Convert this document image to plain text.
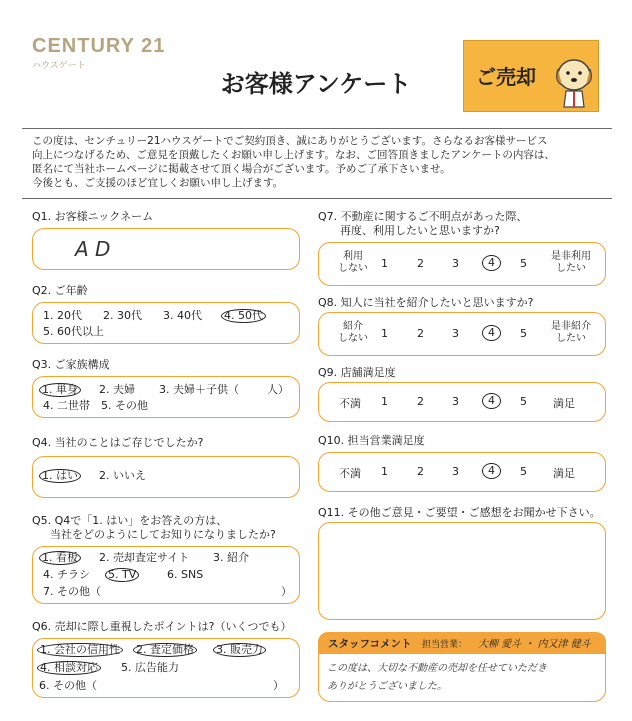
CENTURY 21
ハウスゲート
お客様アンケート	ご売却
この度は、センチュリー21ハウスゲートでご契約頂き、誠にありがとうございます。さらなるお客様サービス
向上につなげるため、ご意見を頂戴したくお願い申し上げます。なお、ご回答頂きましたアンケートの内容は、
匿名にて当社ホームページに掲載させて頂く場合がございます。予めご了承下さいませ。
今後とも、ご支援のほど宜しくお願い申し上げます。
Q1. お客様ニックネーム
A D
Q2. ご年齢
1. 20代 2. 30代 3. 40代 4. 50代
5. 60代以上
Q3. ご家族構成
1. 単身 2. 夫婦 3. 夫婦＋子供（	人）
4. 二世帯 5. その他
Q4. 当社のことはご存じでしたか?
1. はい 2. いいえ
Q5. Q4で「1. はい」をお答えの方は、
当社をどのようにしてお知りになりましたか?
1. 看板 2. 売却査定サイト 3. 紹介
4. チラシ 5. TV	6. SNS
7. その他（	）
Q6. 売却に際し重視したポイントは?（いくつでも）
1. 会社の信用性 2. 査定価格 3. 販売力
4. 相談対応 5. 広告能力
6. その他（	）
Q7. 不動産に関するご不明点があった際、
再度、利用したいと思いますか?
利用
しない	1	2	3	4	5
是非利用
したい
Q8. 知人に当社を紹介したいと思いますか?
紹介
しない	1	2	3	4	5
是非紹介
したい
Q9. 店舗満足度
不満 1	2	3	4	5 満足
Q10. 担当営業満足度
不満 1	2	3	4	5 満足
Q11. その他ご意見・ご要望・ご感想をお聞かせ下さい。
この度は、大切な不動産の売却を任せていただき
ありがとうございました。
スタッフコメント 担当営業： 大柳 愛斗 ・ 内又津 健斗
